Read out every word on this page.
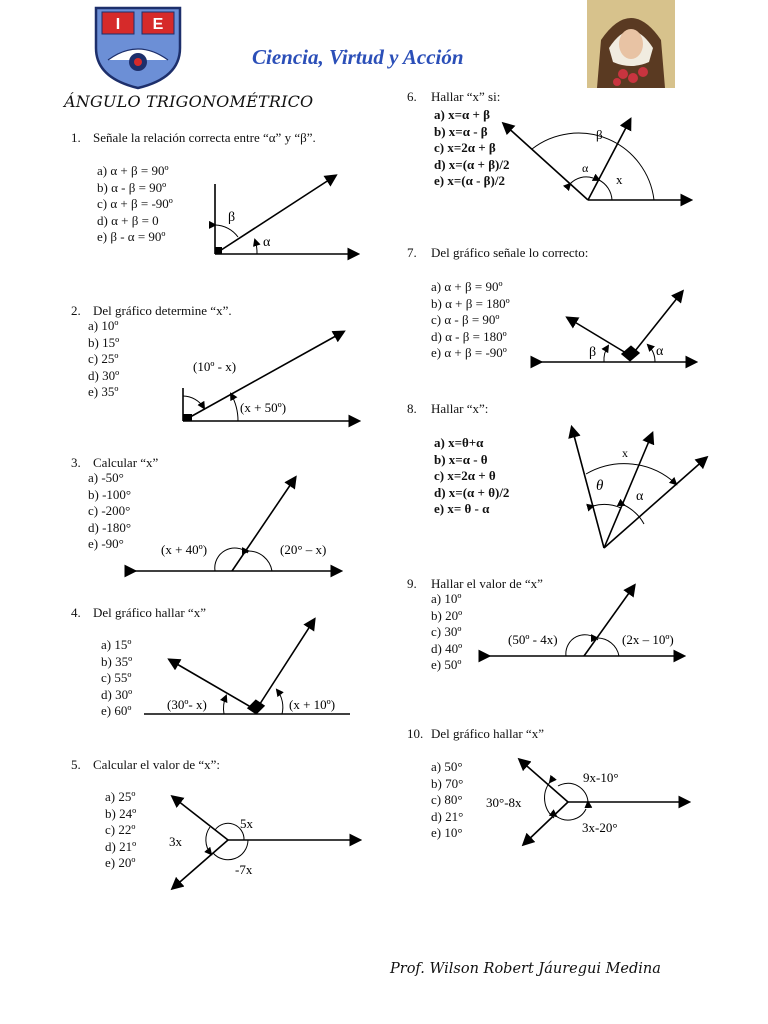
I E
Ciencia, Virtud y Acción
ÁNGULO TRIGONOMÉTRICO
1. Señale la relación correcta entre “α” y “β”.
a) α + β = 90º
b) α - β = 90º
c) α + β = -90º
d) α + β = 0
e) β - α = 90º
β
α
2. Del gráfico determine “x”.
a) 10º
b) 15º
c) 25º
d) 30º
e) 35º
(10º - x)
(x + 50º)
3. Calcular “x”
a) -50°
b) -100°
c) -200°
d) -180°
e) -90°	(x + 40º)	(20° – x)
4. Del gráfico hallar “x”
a) 15º
b) 35º
c) 55º
d) 30º
e) 60º	(30º- x)	(x + 10º)
5. Calcular el valor de “x”:
a) 25º
b) 24º
c) 22º
d) 21º
e) 20º
5x
3x
-7x
6. Hallar “x” si:
a) x=α + β
b) x=α - β
c) x=2α + β
d) x=(α + β)/2
e) x=(α - β)/2
β
α
x
7. Del gráfico señale lo correcto:
a) α + β = 90º
b) α + β = 180º
c) α - β = 90º
d) α - β = 180º
e) α + β = -90º	β	α
8. Hallar “x”:
a) x=θ+α
b) x=α - θ
c) x=2α + θ
d) x=(α + θ)/2
e) x= θ - α
x
θ
α
9. Hallar el valor de “x”
a) 10º
b) 20º
c) 30º
d) 40º
e) 50º
(50º - 4x)	(2x – 10º)
10. Del gráfico hallar “x”
a) 50°
b) 70°
c) 80°
d) 21°
e) 10°
9x-10°
30°-8x
3x-20°
Prof. Wilson Robert Jáuregui Medina
